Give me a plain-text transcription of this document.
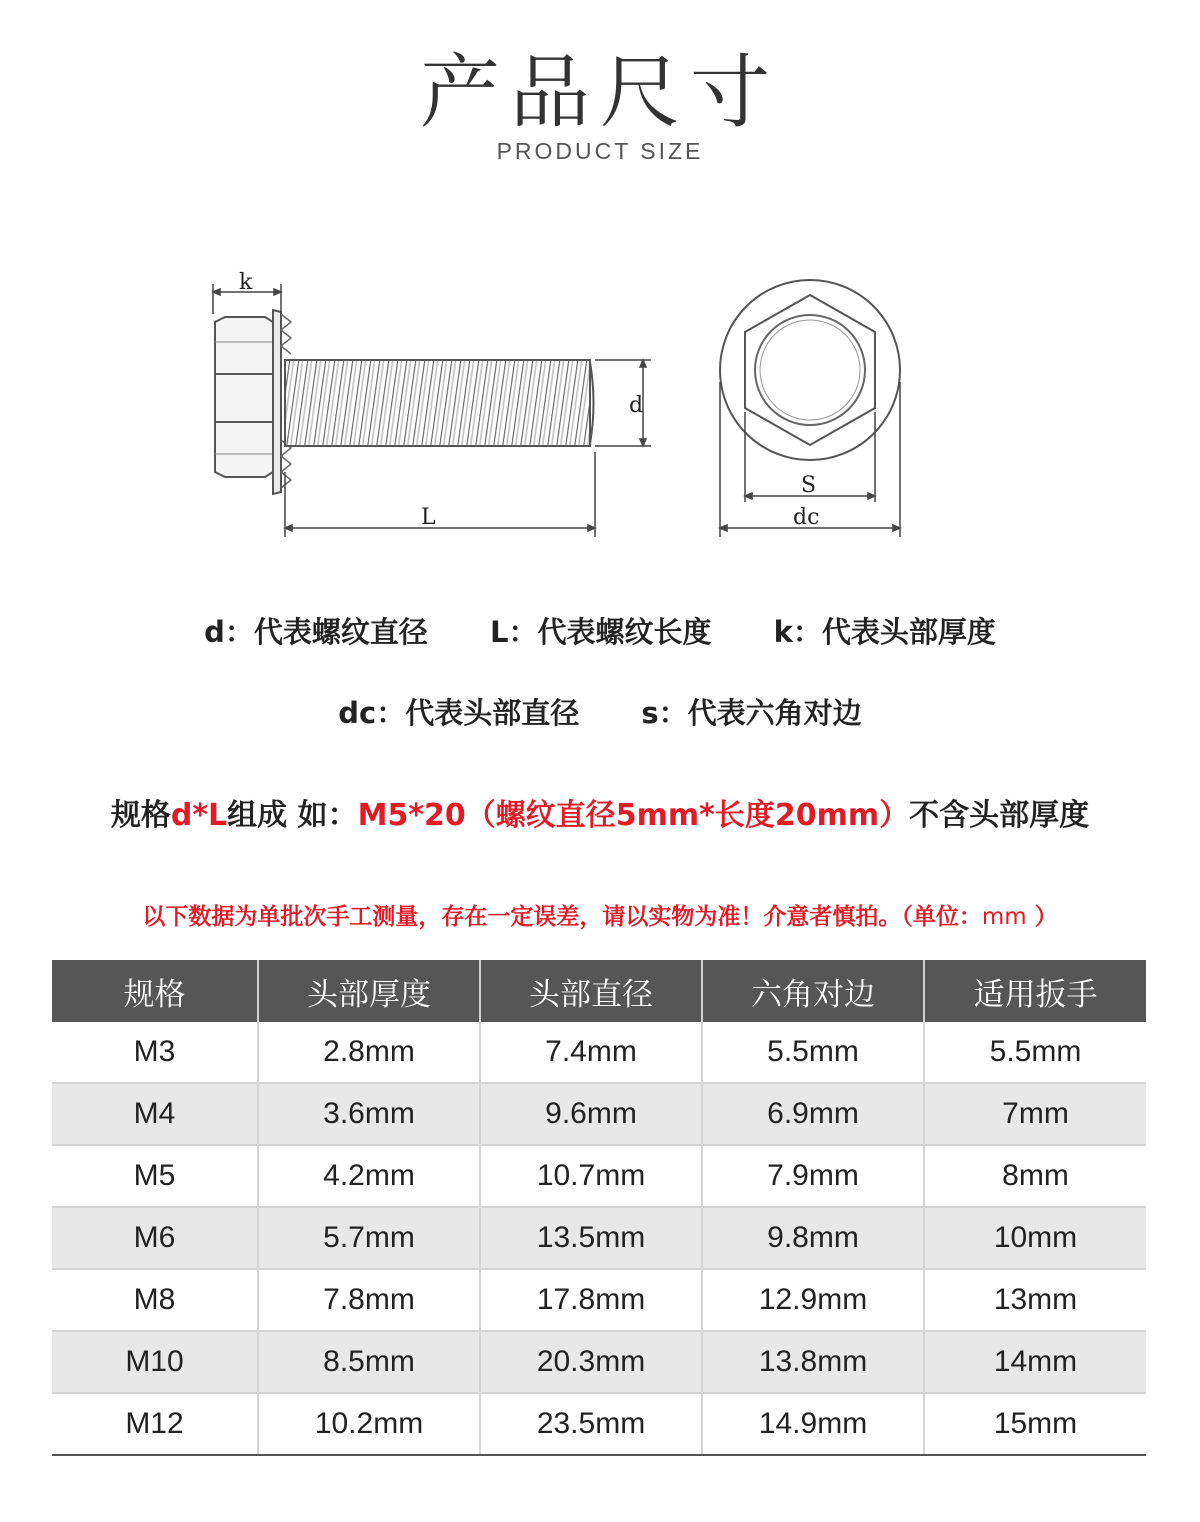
产品尺寸
PRODUCT SIZE
k
d
L
S
dc
d：代表螺纹直径 L：代表螺纹长度 k：代表头部厚度
dc：代表头部直径 s：代表六角对边
规格d*L组成 如：M5*20（螺纹直径5mm*长度20mm）不含头部厚度
以下数据为单批次手工测量，存在一定误差，请以实物为准！介意者慎拍。（单位：mm ）
规格	头部厚度	头部直径	六角对边	适用扳手
M3	2.8mm	7.4mm	5.5mm	5.5mm
M4	3.6mm	9.6mm	6.9mm	7mm
M5	4.2mm	10.7mm	7.9mm	8mm
M6	5.7mm	13.5mm	9.8mm	10mm
M8	7.8mm	17.8mm	12.9mm	13mm
M10	8.5mm	20.3mm	13.8mm	14mm
M12	10.2mm	23.5mm	14.9mm	15mm
